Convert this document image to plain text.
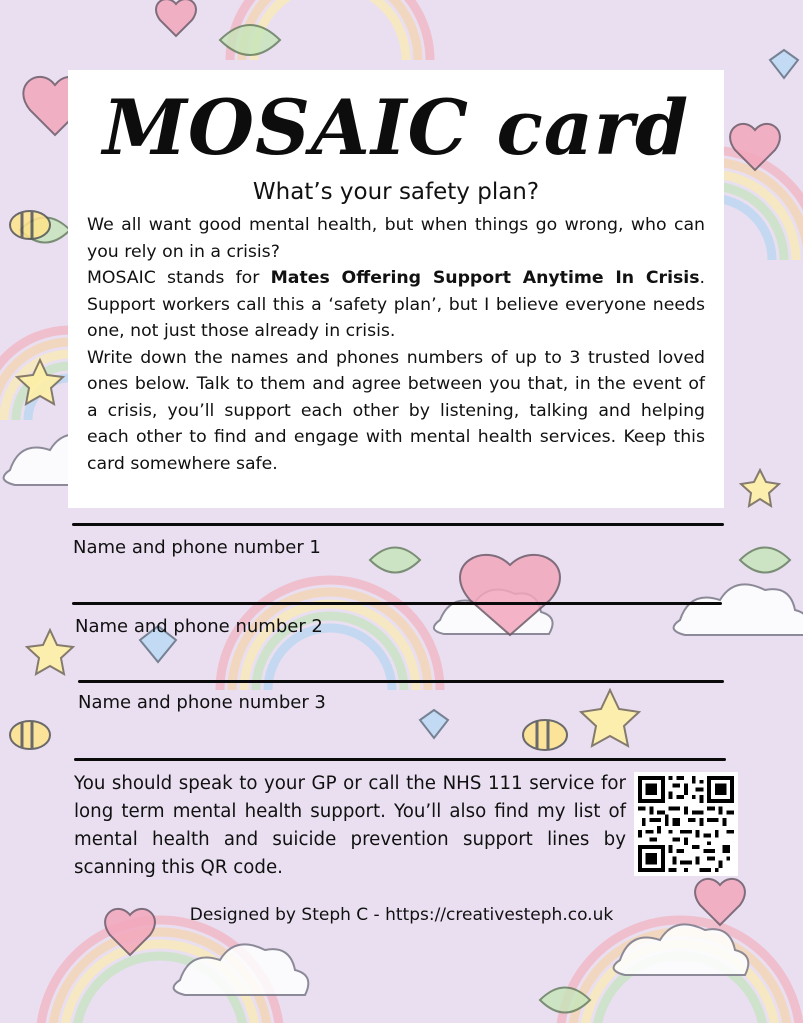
MOSAIC card
What’s your safety plan?

We all want good mental health, but when things go wrong, who can you rely on in a crisis?

MOSAIC stands for Mates Offering Support Anytime In Crisis. Support workers call this a ‘safety plan’, but I believe everyone needs one, not just those already in crisis.

Write down the names and phones numbers of up to 3 trusted loved ones below. Talk to them and agree between you that, in the event of a crisis, you’ll support each other by listening, talking and helping each other to find and engage with mental health services. Keep this card somewhere safe.

Name and phone number 1
Name and phone number 2
Name and phone number 3
You should speak to your GP or call the NHS 111 service for long term mental health support. You’ll also find my list of mental health and suicide prevention support lines by scanning this QR code.
Designed by Steph C - https://creativesteph.co.uk
